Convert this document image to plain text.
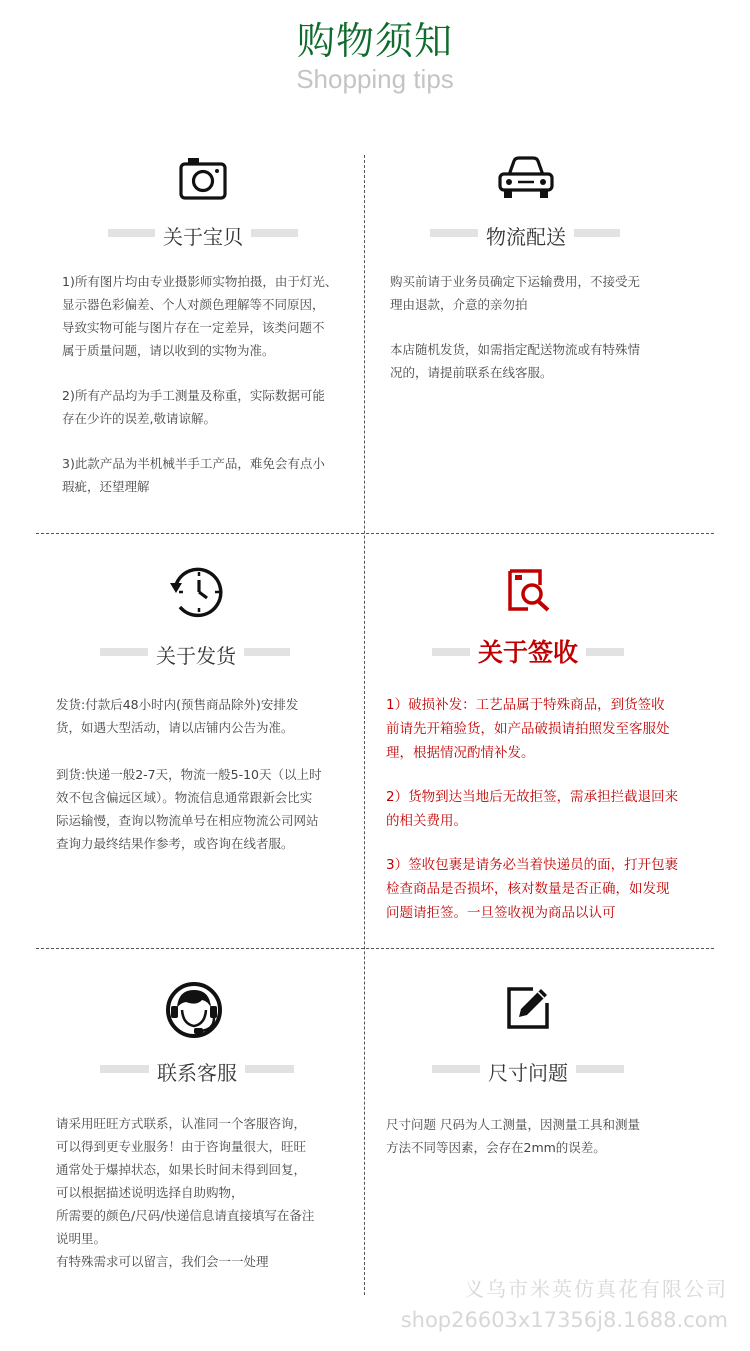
购物须知
Shopping tips
关于宝贝

1)所有图片均由专业摄影师实物拍摄，由于灯光、
显示器色彩偏差、个人对颜色理解等不同原因，
导致实物可能与图片存在一定差异，该类问题不
属于质量问题，请以收到的实物为准。

2)所有产品均为手工测量及称重，实际数据可能
存在少许的误差,敬请谅解。

3)此款产品为半机械半手工产品，难免会有点小
瑕疵，还望理解

物流配送

购买前请于业务员确定下运输费用，不接受无
理由退款，介意的亲勿拍

本店随机发货，如需指定配送物流或有特殊情
况的，请提前联系在线客服。

关于发货

发货:付款后48小时内(预售商品除外)安排发
货，如遇大型活动，请以店铺内公告为准。

到货:快递一般2-7天，物流一般5-10天（以上时
效不包含偏远区域）。物流信息通常跟新会比实
际运输慢，查询以物流单号在相应物流公司网站
查询力最终结果作参考，或咨询在线者服。

关于签收

1）破损补发：工艺品属于特殊商品，到货签收
前请先开箱验货，如产品破损请拍照发至客服处
理，根据情况酌情补发。

2）货物到达当地后无故拒签，需承担拦截退回来
的相关费用。

3）签收包裹是请务必当着快递员的面，打开包裹
检查商品是否损坏，核对数量是否正确，如发现
问题请拒签。一旦签收视为商品以认可

联系客服

请采用旺旺方式联系，认准同一个客服咨询，
可以得到更专业服务！由于咨询量很大，旺旺
通常处于爆掉状态，如果长时间未得到回复，
可以根据描述说明选择自助购物，
所需要的颜色/尺码/快递信息请直接填写在备注
说明里。
有特殊需求可以留言，我们会一一处理

尺寸问题

尺寸问题 尺码为人工测量，因测量工具和测量
方法不同等因素，会存在2mm的误差。

义乌市米英仿真花有限公司
shop26603x17356j8.1688.com
